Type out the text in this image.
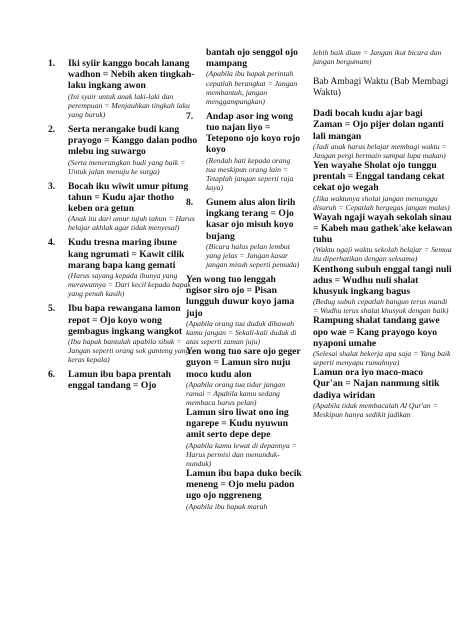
1.	Iki syiir kanggo bocah lanang wadhon = Nebih aken tingkah-laku ingkang awon

(Ini syair untuk anak laki-laki dan perempuan = Menjauhkan tingkah laku yang buruk)

2.	Serta nerangake budi kang prayogo = Kanggo dalan podho mlebu ing suwargo

(Serta menerangkan budi yang baik = Untuk jalan menuju ke surga)

3.	Bocah iku wiwit umur pitung tahun = Kudu ajar thotho keben ora getun

(Anak itu dari umur tujuh tahun = Harus belajar akhlak agar tidak menyesal)

4.	Kudu tresna maring ibune kang ngrumati = Kawit cilik marang bapa kang gemati

(Harus sayang kepada ibunya yang merawatnya = Dari kecil kepada bapak yang penuh kasih)

5.	Ibu bapa rewangana lamon repot = Ojo koyo wong gembagus ingkang wangkot

(Ibu bapak bantulah apabila sibuk = Jangan seperti orang sok ganteng yang keras kepala)

6.	Lamun ibu bapa prentah enggal tandang = Ojo

bantah ojo senggol ojo mampang

(Apabila ibu bapak perintah cepatlah berangkat = Jangan membantah, jangan menggampangkan)

7.	Andap asor ing wong tuo najan liyo = Tetepono ojo koyo rojo koyo

(Rendah hati kepada orang tua meskipun orang lain = Tetaplah jangan seperti raja kaya)

8.	Gunem alus alon lirih ingkang terang = Ojo kasar ojo misuh koyo bujang

(Bicara halus pelan lembut yang jelas = Jangan kasar jangan misuh seperti pemuda)

Yen wong tuo lenggah ngisor siro ojo = Pisan lungguh duwur koyo jama jujo

(Apabila orang tua duduk dibawah kamu jangan = Sekali-kali duduk di atas seperti zaman juju)

Yen wong tuo sare ojo geger guyon = Lamun siro nuju moco kudu alon

(Apabila orang tua tidur jangan ramai = Apabila kamu sedang membaca harus pelan)

Lamun siro liwat ono ing ngarepe = Kudu nyuwun amit serto depe depe

(Apabila kamu lewat di depannya = Harus permisi dan menunduk-nunduk)

Lamun ibu bapa duko becik meneng = Ojo melu padon ugo ojo nggreneng

(Apabila ibu bapak marah

lebih baik diam = Jangan ikut bicara dan jangan bergumam)

Bab Ambagi Waktu (Bab Membagi Waktu)

Dadi bocah kudu ajar bagi Zaman = Ojo pijer dolan nganti lali mangan

(Jadi anak harus belajar membagi waktu = Jangan pergi bermain sampai lupa makan)

Yen wayahe Sholat ojo tunggu prentah = Enggal tandang cekat cekat ojo wegah

(Jika waktunya sholat jangan menunggu disuruh = Cepatlah bergegas jangan malas)

Wayah ngaji wayah sekolah sinau = Kabeh mau gathek'ake kelawan tuhu

(Waktu ngaji waktu sekolah belajar = Semua itu diperhatikan dengan seksama)

Kenthong subuh enggal tangi nuli adus = Wudhu nuli shalat khusyuk ingkang bagus

(Bedug subuh cepatlah bangun terus mandi = Wudhu terus shalat khusyuk dengan baik)

Rampung shalat tandang gawe opo wae = Kang prayogo koyo nyaponi umahe

(Selesai shalat bekerja apa saja = Yang baik seperti menyapu rumahnya)

Lamun ora iyo maco-maco Qur'an = Najan nanmung sitik dadiya wiridan

(Apabila tidak membacalah Al Qur'an = Meskipun hanya sedikit jadikan
